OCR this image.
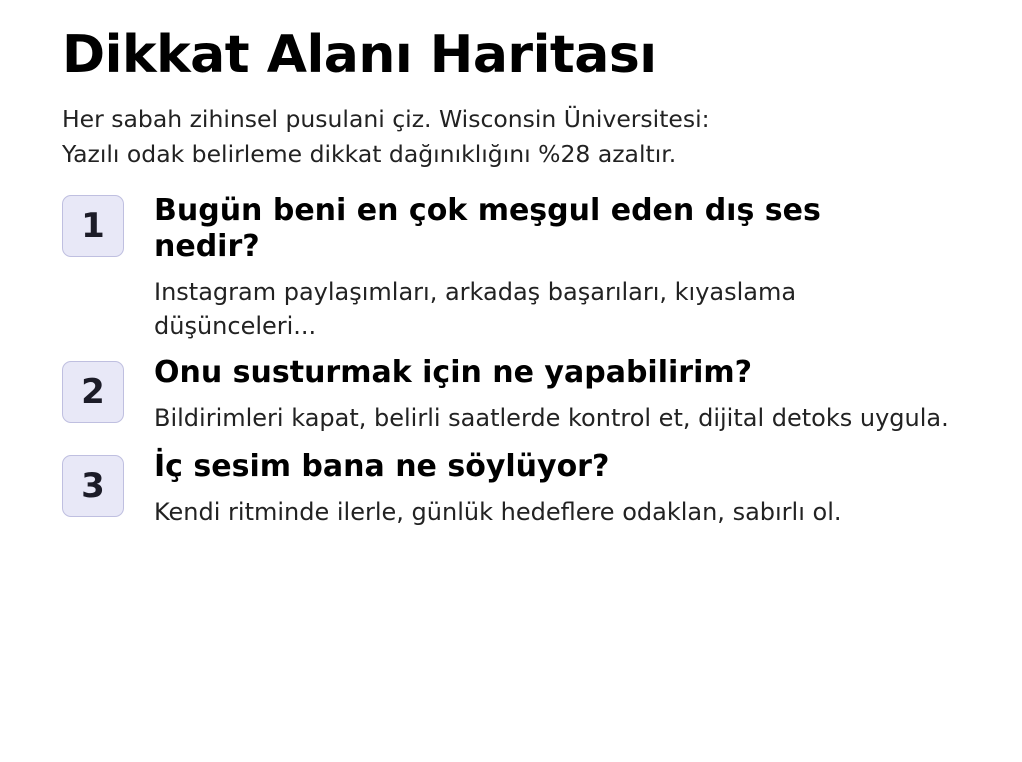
Dikkat Alanı Haritası

Her sabah zihinsel pusulani çiz. Wisconsin Üniversitesi:
Yazılı odak belirleme dikkat dağınıklığını %28 azaltır.

1	Bugün beni en çok meşgul eden dış ses nedir?

Instagram paylaşımları, arkadaş başarıları, kıyaslama düşünceleri...

2	Onu susturmak için ne yapabilirim?

Bildirimleri kapat, belirli saatlerde kontrol et, dijital detoks uygula.

3	İç sesim bana ne söylüyor?

Kendi ritminde ilerle, günlük hedeflere odaklan, sabırlı ol.
